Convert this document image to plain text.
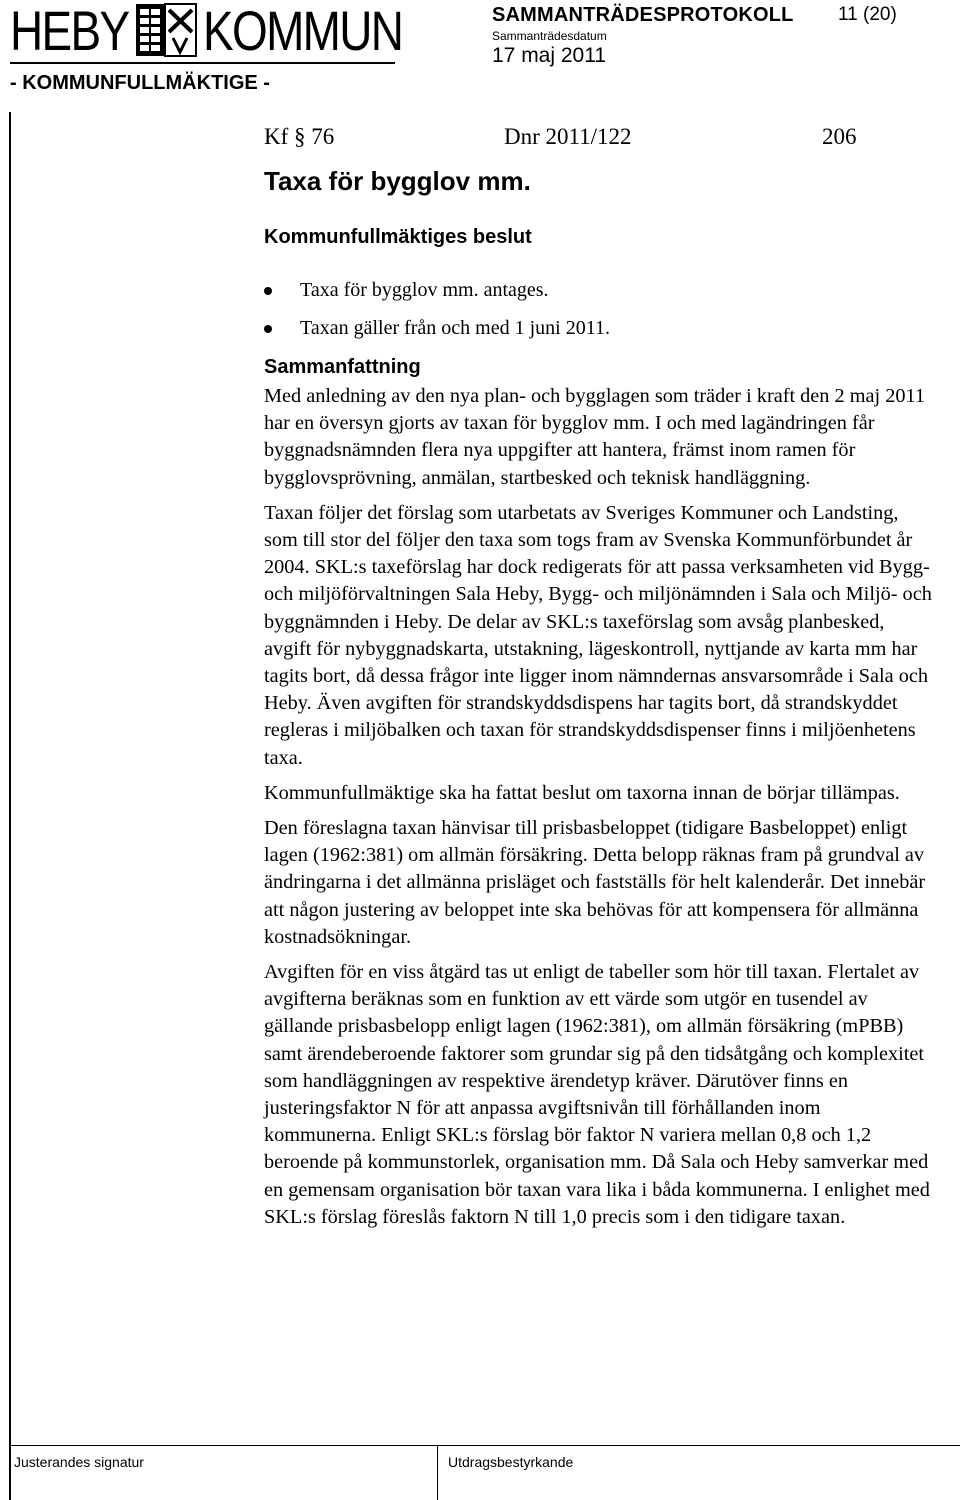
HEBY KOMMUN
- KOMMUNFULLMÄKTIGE -
SAMMANTRÄDESPROTOKOLL 11 (20)
Sammanträdesdatum
17 maj 2011
Kf § 76	Dnr 2011/122	206
Taxa för bygglov mm.
Kommunfullmäktiges beslut
Taxa för bygglov mm. antages.
Taxan gäller från och med 1 juni 2011.
Sammanfattning

Med anledning av den nya plan- och bygglagen som träder i kraft den 2 maj 2011 har en översyn gjorts av taxan för bygglov mm. I och med lagändringen får byggnadsnämnden flera nya uppgifter att hantera, främst inom ramen för bygglovsprövning, anmälan, startbesked och teknisk handläggning.

Taxan följer det förslag som utarbetats av Sveriges Kommuner och Landsting, som till stor del följer den taxa som togs fram av Svenska Kommunförbundet år 2004. SKL:s taxeförslag har dock redigerats för att passa verksamheten vid Bygg- och miljöförvaltningen Sala Heby, Bygg- och miljönämnden i Sala och Miljö- och byggnämnden i Heby. De delar av SKL:s taxeförslag som avsåg planbesked, avgift för nybyggnadskarta, utstakning, lägeskontroll, nyttjande av karta mm har tagits bort, då dessa frågor inte ligger inom nämndernas ansvarsområde i Sala och Heby. Även avgiften för strandskyddsdispens har tagits bort, då strandskyddet regleras i miljöbalken och taxan för strandskyddsdispenser finns i miljöenhetens taxa.

Kommunfullmäktige ska ha fattat beslut om taxorna innan de börjar tillämpas.

Den föreslagna taxan hänvisar till prisbasbeloppet (tidigare Basbeloppet) enligt lagen (1962:381) om allmän försäkring. Detta belopp räknas fram på grundval av ändringarna i det allmänna prisläget och fastställs för helt kalenderår. Det innebär att någon justering av beloppet inte ska behövas för att kompensera för allmänna kostnadsökningar.

Avgiften för en viss åtgärd tas ut enligt de tabeller som hör till taxan. Flertalet av avgifterna beräknas som en funktion av ett värde som utgör en tusendel av gällande prisbasbelopp enligt lagen (1962:381), om allmän försäkring (mPBB) samt ärendeberoende faktorer som grundar sig på den tidsåtgång och komplexitet som handläggningen av respektive ärendetyp kräver. Därutöver finns en justeringsfaktor N för att anpassa avgiftsnivån till förhållanden inom kommunerna. Enligt SKL:s förslag bör faktor N variera mellan 0,8 och 1,2 beroende på kommunstorlek, organisation mm. Då Sala och Heby samverkar med en gemensam organisation bör taxan vara lika i båda kommunerna. I enlighet med SKL:s förslag föreslås faktorn N till 1,0 precis som i den tidigare taxan.

Justerandes signatur	Utdragsbestyrkande
